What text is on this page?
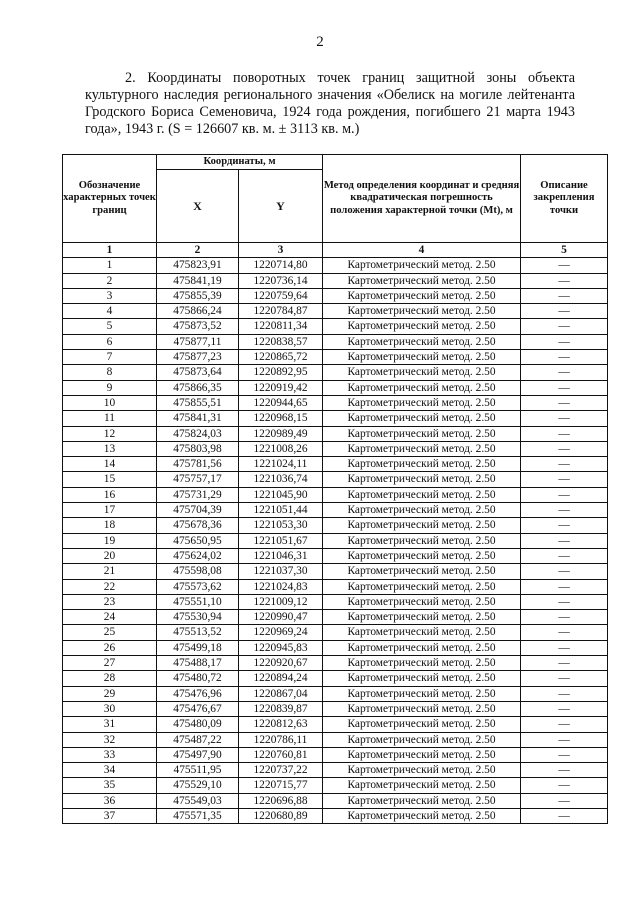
2
2. Координаты поворотных точек границ защитной зоны объекта культурного наследия регионального значения «Обелиск на могиле лейтенанта Гродского Бориса Семеновича, 1924 года рождения, погибшего 21 марта 1943 года», 1943 г. (S = 126607 кв. м. ± 3113 кв. м.)
Обозначение характерных точек границ	Координаты, м		Метод определения координат и средняя квадратическая погрешность положения характерной точки (Mt), м	Описание закрепления точки
	X	Y		
1	2	3	4	5
1	475823,91	1220714,80	Картометрический метод. 2.50	—
2	475841,19	1220736,14	Картометрический метод. 2.50	—
3	475855,39	1220759,64	Картометрический метод. 2.50	—
4	475866,24	1220784,87	Картометрический метод. 2.50	—
5	475873,52	1220811,34	Картометрический метод. 2.50	—
6	475877,11	1220838,57	Картометрический метод. 2.50	—
7	475877,23	1220865,72	Картометрический метод. 2.50	—
8	475873,64	1220892,95	Картометрический метод. 2.50	—
9	475866,35	1220919,42	Картометрический метод. 2.50	—
10	475855,51	1220944,65	Картометрический метод. 2.50	—
11	475841,31	1220968,15	Картометрический метод. 2.50	—
12	475824,03	1220989,49	Картометрический метод. 2.50	—
13	475803,98	1221008,26	Картометрический метод. 2.50	—
14	475781,56	1221024,11	Картометрический метод. 2.50	—
15	475757,17	1221036,74	Картометрический метод. 2.50	—
16	475731,29	1221045,90	Картометрический метод. 2.50	—
17	475704,39	1221051,44	Картометрический метод. 2.50	—
18	475678,36	1221053,30	Картометрический метод. 2.50	—
19	475650,95	1221051,67	Картометрический метод. 2.50	—
20	475624,02	1221046,31	Картометрический метод. 2.50	—
21	475598,08	1221037,30	Картометрический метод. 2.50	—
22	475573,62	1221024,83	Картометрический метод. 2.50	—
23	475551,10	1221009,12	Картометрический метод. 2.50	—
24	475530,94	1220990,47	Картометрический метод. 2.50	—
25	475513,52	1220969,24	Картометрический метод. 2.50	—
26	475499,18	1220945,83	Картометрический метод. 2.50	—
27	475488,17	1220920,67	Картометрический метод. 2.50	—
28	475480,72	1220894,24	Картометрический метод. 2.50	—
29	475476,96	1220867,04	Картометрический метод. 2.50	—
30	475476,67	1220839,87	Картометрический метод. 2.50	—
31	475480,09	1220812,63	Картометрический метод. 2.50	—
32	475487,22	1220786,11	Картометрический метод. 2.50	—
33	475497,90	1220760,81	Картометрический метод. 2.50	—
34	475511,95	1220737,22	Картометрический метод. 2.50	—
35	475529,10	1220715,77	Картометрический метод. 2.50	—
36	475549,03	1220696,88	Картометрический метод. 2.50	—
37	475571,35	1220680,89	Картометрический метод. 2.50	—
